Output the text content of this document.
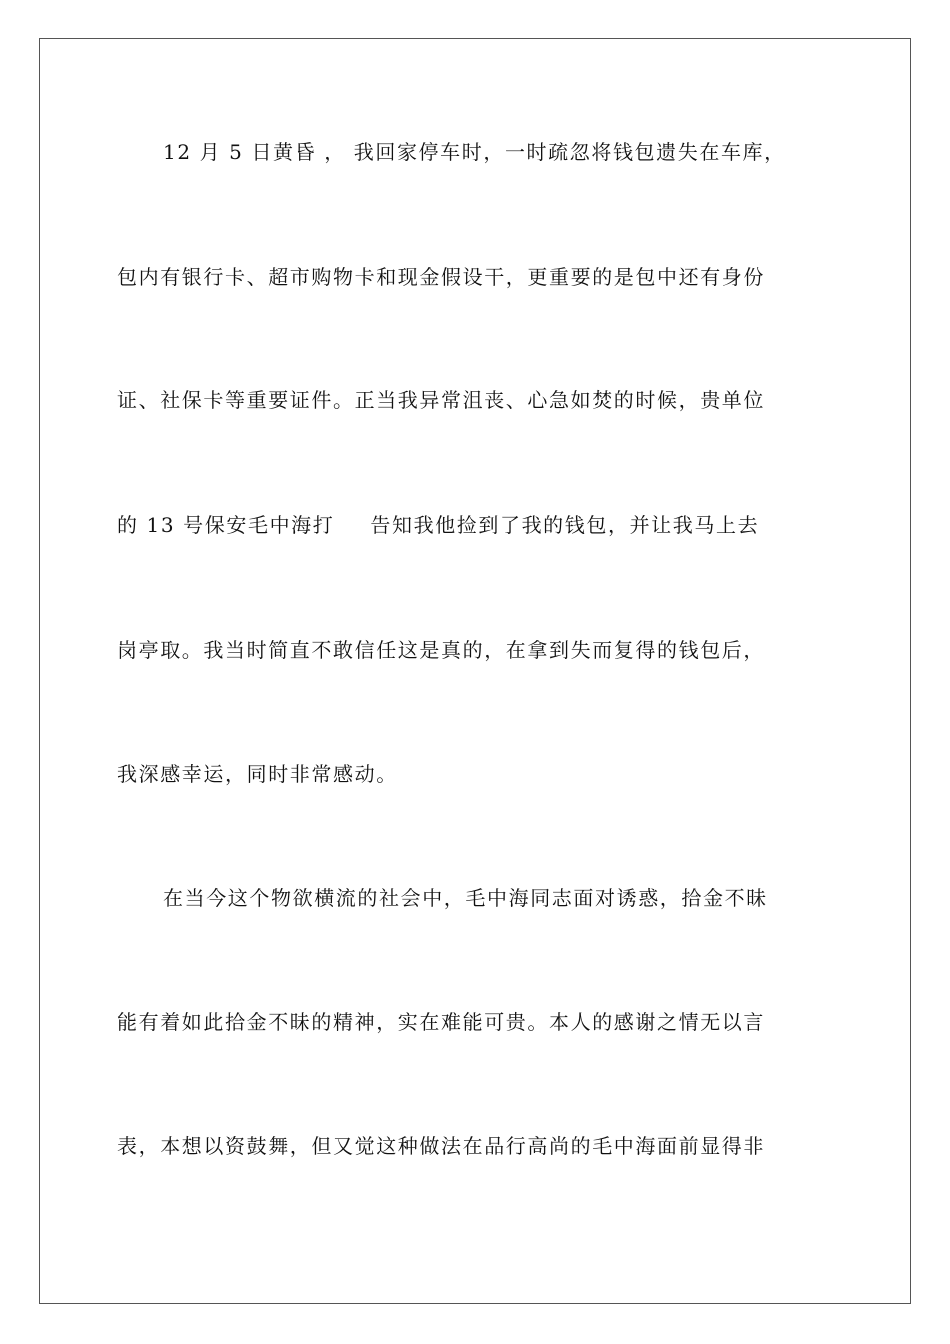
12 月 5 日黄昏 ， 我回家停车时，一时疏忽将钱包遗失在车库，
包内有银行卡、超市购物卡和现金假设干，更重要的是包中还有身份
证、社保卡等重要证件。正当我异常沮丧、心急如焚的时候，贵单位
的 13 号保安毛中海打 告知我他捡到了我的钱包，并让我马上去
岗亭取。我当时简直不敢信任这是真的，在拿到失而复得的钱包后，
我深感幸运，同时非常感动。
在当今这个物欲横流的社会中，毛中海同志面对诱惑，拾金不昧
能有着如此拾金不昧的精神，实在难能可贵。本人的感谢之情无以言
表，本想以资鼓舞，但又觉这种做法在品行高尚的毛中海面前显得非
